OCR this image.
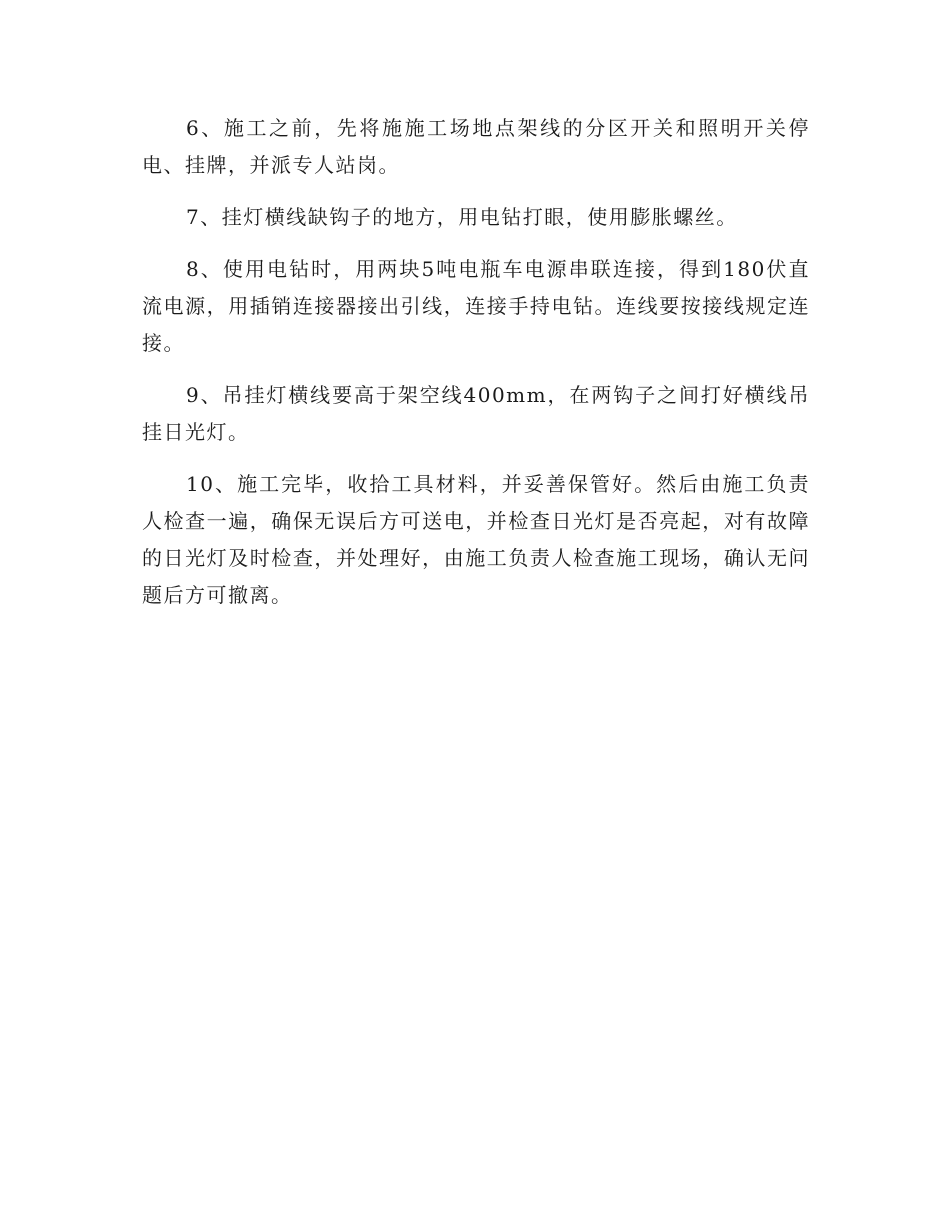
6、施工之前，先将施施工场地点架线的分区开关和照明开关停电、挂牌，并派专人站岗。

7、挂灯横线缺钩子的地方，用电钻打眼，使用膨胀螺丝。

8、使用电钻时，用两块5吨电瓶车电源串联连接，得到180伏直流电源，用插销连接器接出引线，连接手持电钻。连线要按接线规定连接。

9、吊挂灯横线要高于架空线400mm，在两钩子之间打好横线吊挂日光灯。

10、施工完毕，收拾工具材料，并妥善保管好。然后由施工负责人检查一遍，确保无误后方可送电，并检查日光灯是否亮起，对有故障的日光灯及时检查，并处理好，由施工负责人检查施工现场，确认无问题后方可撤离。
